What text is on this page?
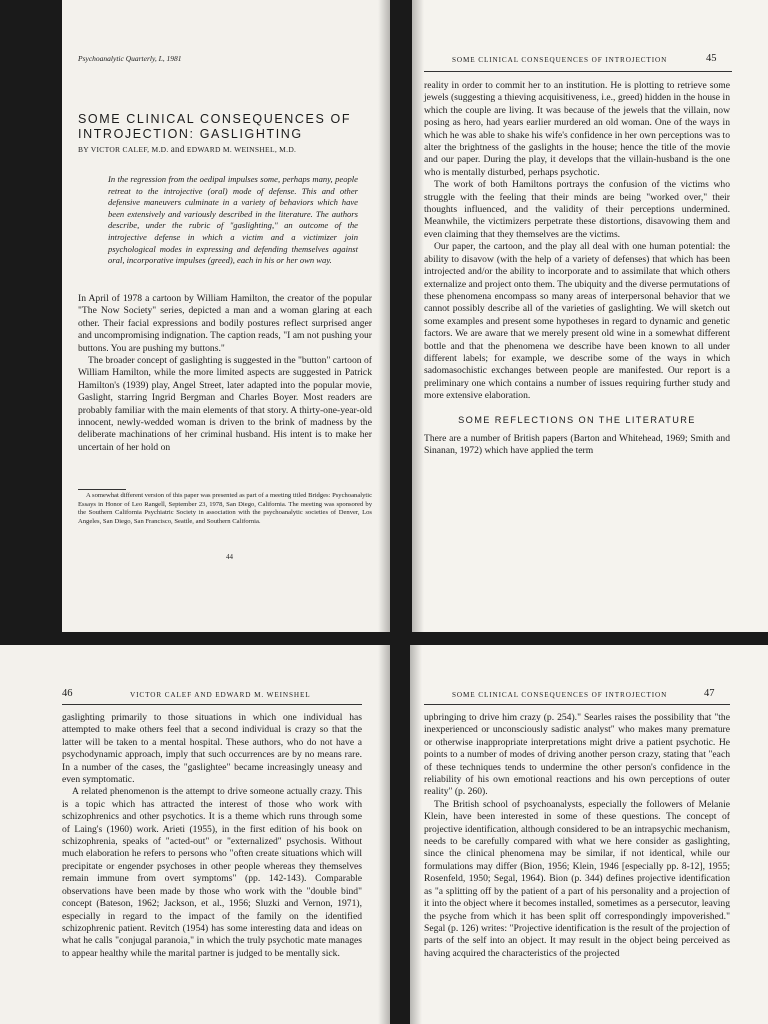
Psychoanalytic Quarterly, L, 1981
SOME CLINICAL CONSEQUENCES OF INTROJECTION: GASLIGHTING
BY VICTOR CALEF, M.D. and EDWARD M. WEINSHEL, M.D.
In the regression from the oedipal impulses some, perhaps many, people retreat to the introjective (oral) mode of defense. This and other defensive maneuvers culminate in a variety of behaviors which have been extensively and variously described in the literature. The authors describe, under the rubric of "gaslighting," an outcome of the introjective defense in which a victim and a victimizer join psychological modes in expressing and defending themselves against oral, incorporative impulses (greed), each in his or her own way.

In April of 1978 a cartoon by William Hamilton, the creator of the popular "The Now Society" series, depicted a man and a woman glaring at each other. Their facial expressions and bodily postures reflect surprised anger and uncompromising indignation. The caption reads, "I am not pushing your buttons. You are pushing my buttons."

The broader concept of gaslighting is suggested in the "button" cartoon of William Hamilton, while the more limited aspects are suggested in Patrick Hamilton's (1939) play, Angel Street, later adapted into the popular movie, Gaslight, starring Ingrid Bergman and Charles Boyer. Most readers are probably familiar with the main elements of that story. A thirty-one-year-old innocent, newly-wedded woman is driven to the brink of madness by the deliberate machinations of her criminal husband. His intent is to make her uncertain of her hold on

A somewhat different version of this paper was presented as part of a meeting titled Bridges: Psychoanalytic Essays in Honor of Leo Rangell, September 23, 1978, San Diego, California. The meeting was sponsored by the Southern California Psychiatric Society in association with the psychoanalytic societies of Denver, Los Angeles, San Diego, San Francisco, Seattle, and Southern California.
44
SOME CLINICAL CONSEQUENCES OF INTROJECTION	45

reality in order to commit her to an institution. He is plotting to retrieve some jewels (suggesting a thieving acquisitiveness, i.e., greed) hidden in the house in which the couple are living. It was because of the jewels that the villain, now posing as hero, had years earlier murdered an old woman. One of the ways in which he was able to shake his wife's confidence in her own perceptions was to alter the brightness of the gaslights in the house; hence the title of the movie and our paper. During the play, it develops that the villain-husband is the one who is mentally disturbed, perhaps psychotic.

The work of both Hamiltons portrays the confusion of the victims who struggle with the feeling that their minds are being "worked over," their thoughts influenced, and the validity of their perceptions undermined. Meanwhile, the victimizers perpetrate these distortions, disavowing them and even claiming that they themselves are the victims.

Our paper, the cartoon, and the play all deal with one human potential: the ability to disavow (with the help of a variety of defenses) that which has been introjected and/or the ability to incorporate and to assimilate that which others externalize and project onto them. The ubiquity and the diverse permutations of these phenomena encompass so many areas of interpersonal behavior that we cannot possibly describe all of the varieties of gaslighting. We will sketch out some examples and present some hypotheses in regard to dynamic and genetic factors. We are aware that we merely present old wine in a somewhat different bottle and that the phenomena we describe have been known to all under different labels; for example, we describe some of the ways in which sadomasochistic exchanges between people are manifested. Our report is a preliminary one which contains a number of issues requiring further study and more extensive elaboration.

SOME REFLECTIONS ON THE LITERATURE

There are a number of British papers (Barton and Whitehead, 1969; Smith and Sinanan, 1972) which have applied the term

46	VICTOR CALEF AND EDWARD M. WEINSHEL

gaslighting primarily to those situations in which one individual has attempted to make others feel that a second individual is crazy so that the latter will be taken to a mental hospital. These authors, who do not have a psychodynamic approach, imply that such occurrences are by no means rare. In a number of the cases, the "gaslightee" became increasingly uneasy and even symptomatic.

A related phenomenon is the attempt to drive someone actually crazy. This is a topic which has attracted the interest of those who work with schizophrenics and other psychotics. It is a theme which runs through some of Laing's (1960) work. Arieti (1955), in the first edition of his book on schizophrenia, speaks of "acted-out" or "externalized" psychosis. Without much elaboration he refers to persons who "often create situations which will precipitate or engender psychoses in other people whereas they themselves remain immune from overt symptoms" (pp. 142-143). Comparable observations have been made by those who work with the "double bind" concept (Bateson, 1962; Jackson, et al., 1956; Sluzki and Vernon, 1971), especially in regard to the impact of the family on the identified schizophrenic patient. Revitch (1954) has some interesting data and ideas on what he calls "conjugal paranoia," in which the truly psychotic mate manages to appear healthy while the marital partner is judged to be mentally sick.

SOME CLINICAL CONSEQUENCES OF INTROJECTION	47

upbringing to drive him crazy (p. 254)." Searles raises the possibility that "the inexperienced or unconsciously sadistic analyst" who makes many premature or otherwise inappropriate interpretations might drive a patient psychotic. He points to a number of modes of driving another person crazy, stating that "each of these techniques tends to undermine the other person's confidence in the reliability of his own emotional reactions and his own perceptions of outer reality" (p. 260).

The British school of psychoanalysts, especially the followers of Melanie Klein, have been interested in some of these questions. The concept of projective identification, although considered to be an intrapsychic mechanism, needs to be carefully compared with what we here consider as gaslighting, since the clinical phenomena may be similar, if not identical, while our formulations may differ (Bion, 1956; Klein, 1946 [especially pp. 8-12], 1955; Rosenfeld, 1950; Segal, 1964). Bion (p. 344) defines projective identification as "a splitting off by the patient of a part of his personality and a projection of it into the object where it becomes installed, sometimes as a persecutor, leaving the psyche from which it has been split off correspondingly impoverished." Segal (p. 126) writes: "Projective identification is the result of the projection of parts of the self into an object. It may result in the object being perceived as having acquired the characteristics of the projected
